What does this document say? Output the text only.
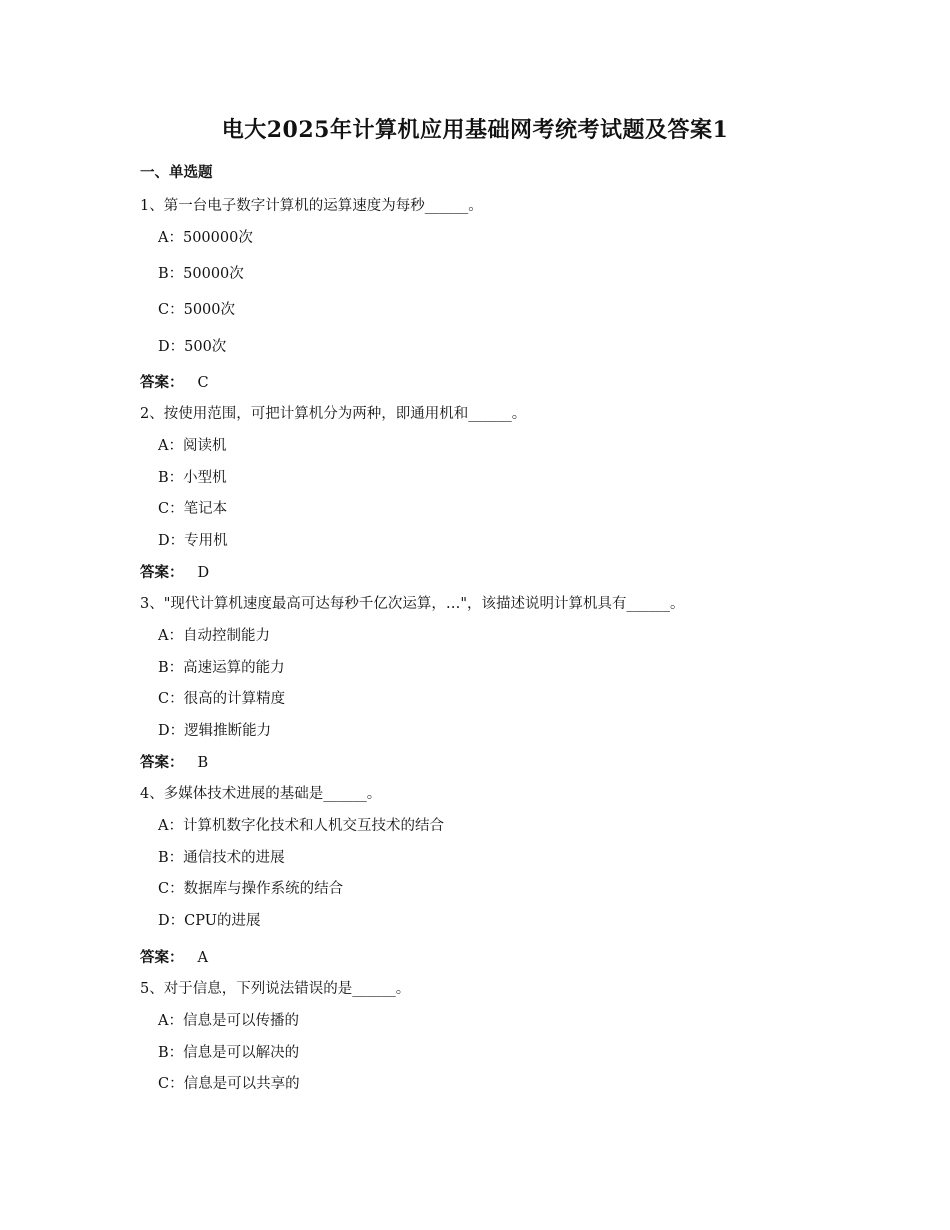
电大2025年计算机应用基础网考统考试题及答案1
一、单选题
1、第一台电子数字计算机的运算速度为每秒______。
A：500000次
B：50000次
C：5000次
D：500次
答案： C
2、按使用范围，可把计算机分为两种，即通用机和______。
A：阅读机
B：小型机
C：笔记本
D：专用机
答案： D
3、"现代计算机速度最高可达每秒千亿次运算，…"，该描述说明计算机具有______。
A：自动控制能力
B：高速运算的能力
C：很高的计算精度
D：逻辑推断能力
答案： B
4、多媒体技术进展的基础是______。
A：计算机数字化技术和人机交互技术的结合
B：通信技术的进展
C：数据库与操作系统的结合
D：CPU的进展
答案： A
5、对于信息，下列说法错误的是______。
A：信息是可以传播的
B：信息是可以解决的
C：信息是可以共享的
